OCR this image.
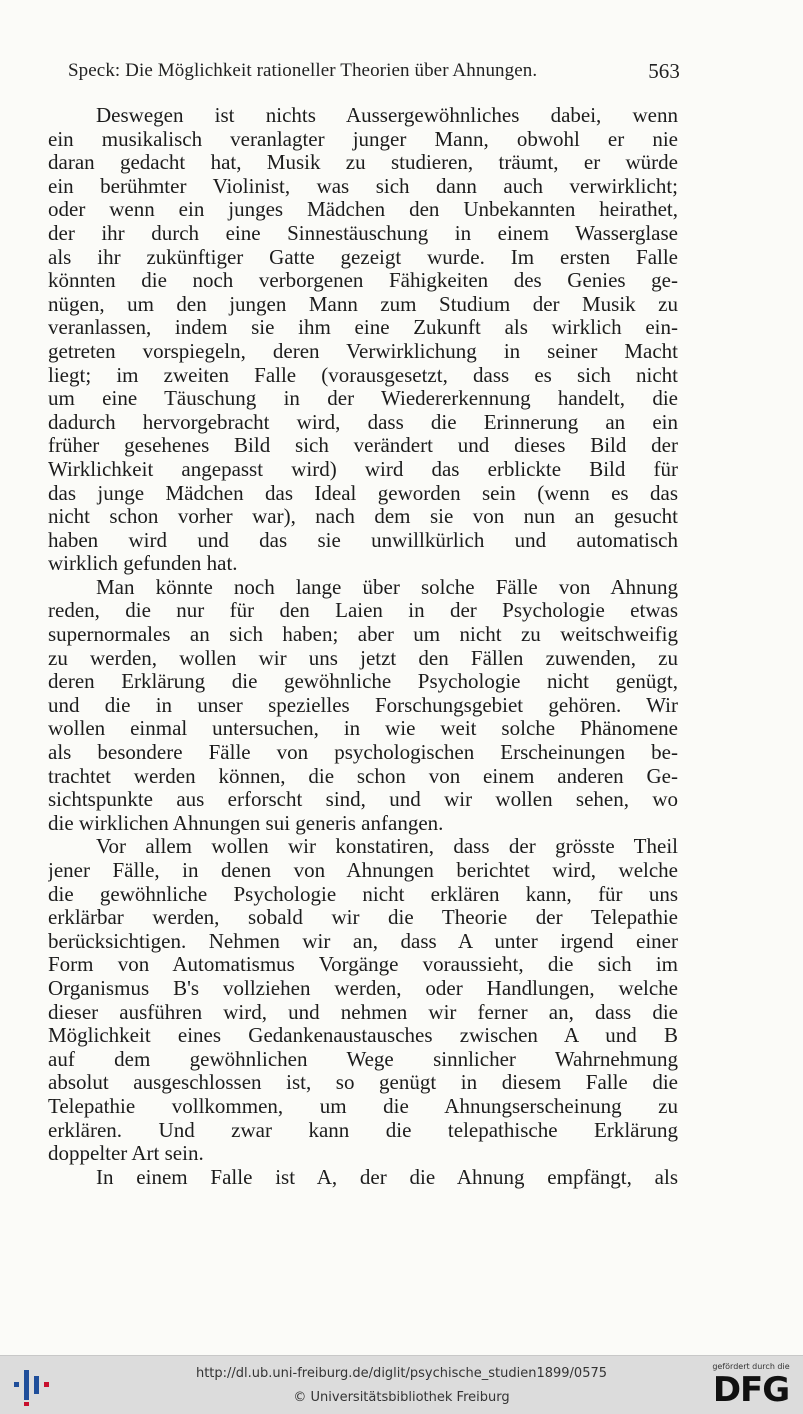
Speck: Die Möglichkeit rationeller Theorien über Ahnungen.	563
Deswegen ist nichts Aussergewöhnliches dabei, wenn
ein musikalisch veranlagter junger Mann, obwohl er nie
daran gedacht hat, Musik zu studieren, träumt, er würde
ein berühmter Violinist, was sich dann auch verwirklicht;
oder wenn ein junges Mädchen den Unbekannten heirathet,
der ihr durch eine Sinnestäuschung in einem Wasserglase
als ihr zukünftiger Gatte gezeigt wurde. Im ersten Falle
könnten die noch verborgenen Fähigkeiten des Genies ge-
nügen, um den jungen Mann zum Studium der Musik zu
veranlassen, indem sie ihm eine Zukunft als wirklich ein-
getreten vorspiegeln, deren Verwirklichung in seiner Macht
liegt; im zweiten Falle (vorausgesetzt, dass es sich nicht
um eine Täuschung in der Wiedererkennung handelt, die
dadurch hervorgebracht wird, dass die Erinnerung an ein
früher gesehenes Bild sich verändert und dieses Bild der
Wirklichkeit angepasst wird) wird das erblickte Bild für
das junge Mädchen das Ideal geworden sein (wenn es das
nicht schon vorher war), nach dem sie von nun an gesucht
haben wird und das sie unwillkürlich und automatisch
wirklich gefunden hat.
Man könnte noch lange über solche Fälle von Ahnung
reden, die nur für den Laien in der Psychologie etwas
supernormales an sich haben; aber um nicht zu weitschweifig
zu werden, wollen wir uns jetzt den Fällen zuwenden, zu
deren Erklärung die gewöhnliche Psychologie nicht genügt,
und die in unser spezielles Forschungsgebiet gehören. Wir
wollen einmal untersuchen, in wie weit solche Phänomene
als besondere Fälle von psychologischen Erscheinungen be-
trachtet werden können, die schon von einem anderen Ge-
sichtspunkte aus erforscht sind, und wir wollen sehen, wo
die wirklichen Ahnungen sui generis anfangen.
Vor allem wollen wir konstatiren, dass der grösste Theil
jener Fälle, in denen von Ahnungen berichtet wird, welche
die gewöhnliche Psychologie nicht erklären kann, für uns
erklärbar werden, sobald wir die Theorie der Telepathie
berücksichtigen. Nehmen wir an, dass A unter irgend einer
Form von Automatismus Vorgänge voraussieht, die sich im
Organismus B's vollziehen werden, oder Handlungen, welche
dieser ausführen wird, und nehmen wir ferner an, dass die
Möglichkeit eines Gedankenaustausches zwischen A und B
auf dem gewöhnlichen Wege sinnlicher Wahrnehmung
absolut ausgeschlossen ist, so genügt in diesem Falle die
Telepathie vollkommen, um die Ahnungserscheinung zu
erklären. Und zwar kann die telepathische Erklärung
doppelter Art sein.
In einem Falle ist A, der die Ahnung empfängt, als
http://dl.ub.uni-freiburg.de/diglit/psychische_studien1899/0575
© Universitätsbibliothek Freiburg
gefördert durch die
DFG
